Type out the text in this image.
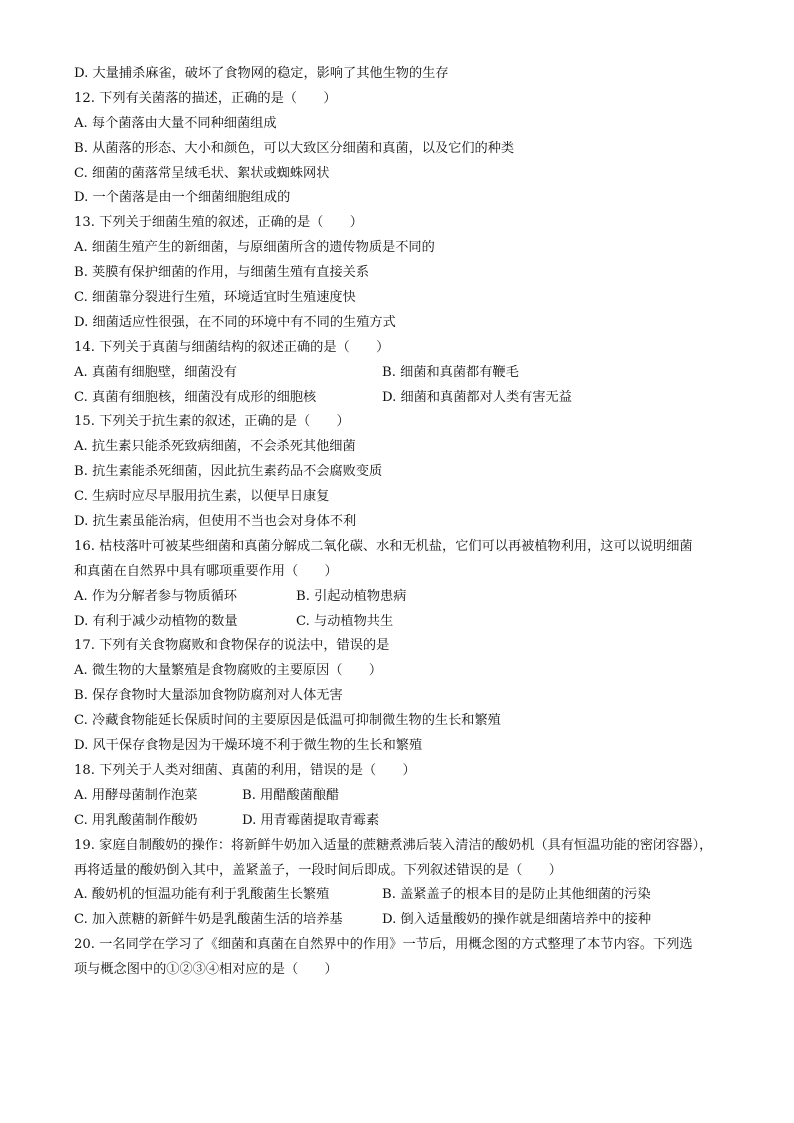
D. 大量捕杀麻雀，破坏了食物网的稳定，影响了其他生物的生存
12. 下列有关菌落的描述，正确的是（　　）
A. 每个菌落由大量不同种细菌组成
B. 从菌落的形态、大小和颜色，可以大致区分细菌和真菌，以及它们的种类
C. 细菌的菌落常呈绒毛状、絮状或蜘蛛网状
D. 一个菌落是由一个细菌细胞组成的
13. 下列关于细菌生殖的叙述，正确的是（　　）
A. 细菌生殖产生的新细菌，与原细菌所含的遗传物质是不同的
B. 荚膜有保护细菌的作用，与细菌生殖有直接关系
C. 细菌靠分裂进行生殖，环境适宜时生殖速度快
D. 细菌适应性很强，在不同的环境中有不同的生殖方式
14. 下列关于真菌与细菌结构的叙述正确的是（　　）
A. 真菌有细胞壁，细菌没有	B. 细菌和真菌都有鞭毛
C. 真菌有细胞核，细菌没有成形的细胞核	D. 细菌和真菌都对人类有害无益
15. 下列关于抗生素的叙述，正确的是（　　）
A. 抗生素只能杀死致病细菌，不会杀死其他细菌
B. 抗生素能杀死细菌，因此抗生素药品不会腐败变质
C. 生病时应尽早服用抗生素，以便早日康复
D. 抗生素虽能治病，但使用不当也会对身体不利
16. 枯枝落叶可被某些细菌和真菌分解成二氧化碳、水和无机盐，它们可以再被植物利用，这可以说明细菌
和真菌在自然界中具有哪项重要作用（　　）
A. 作为分解者参与物质循环	B. 引起动植物患病
D. 有利于减少动植物的数量	C. 与动植物共生
17. 下列有关食物腐败和食物保存的说法中，错误的是
A. 微生物的大量繁殖是食物腐败的主要原因（　　）
B. 保存食物时大量添加食物防腐剂对人体无害
C. 冷藏食物能延长保质时间的主要原因是低温可抑制微生物的生长和繁殖
D. 风干保存食物是因为干燥环境不利于微生物的生长和繁殖
18. 下列关于人类对细菌、真菌的利用，错误的是（　　）
A. 用酵母菌制作泡菜	B. 用醋酸菌酿醋
C. 用乳酸菌制作酸奶	D. 用青霉菌提取青霉素
19. 家庭自制酸奶的操作：将新鲜牛奶加入适量的蔗糖煮沸后装入清洁的酸奶机（具有恒温功能的密闭容器），
再将适量的酸奶倒入其中，盖紧盖子，一段时间后即成。下列叙述错误的是（　　）
A. 酸奶机的恒温功能有利于乳酸菌生长繁殖	B. 盖紧盖子的根本目的是防止其他细菌的污染
C. 加入蔗糖的新鲜牛奶是乳酸菌生活的培养基	D. 倒入适量酸奶的操作就是细菌培养中的接种
20. 一名同学在学习了《细菌和真菌在自然界中的作用》一节后，用概念图的方式整理了本节内容。下列选
项与概念图中的①②③④相对应的是（　　）
